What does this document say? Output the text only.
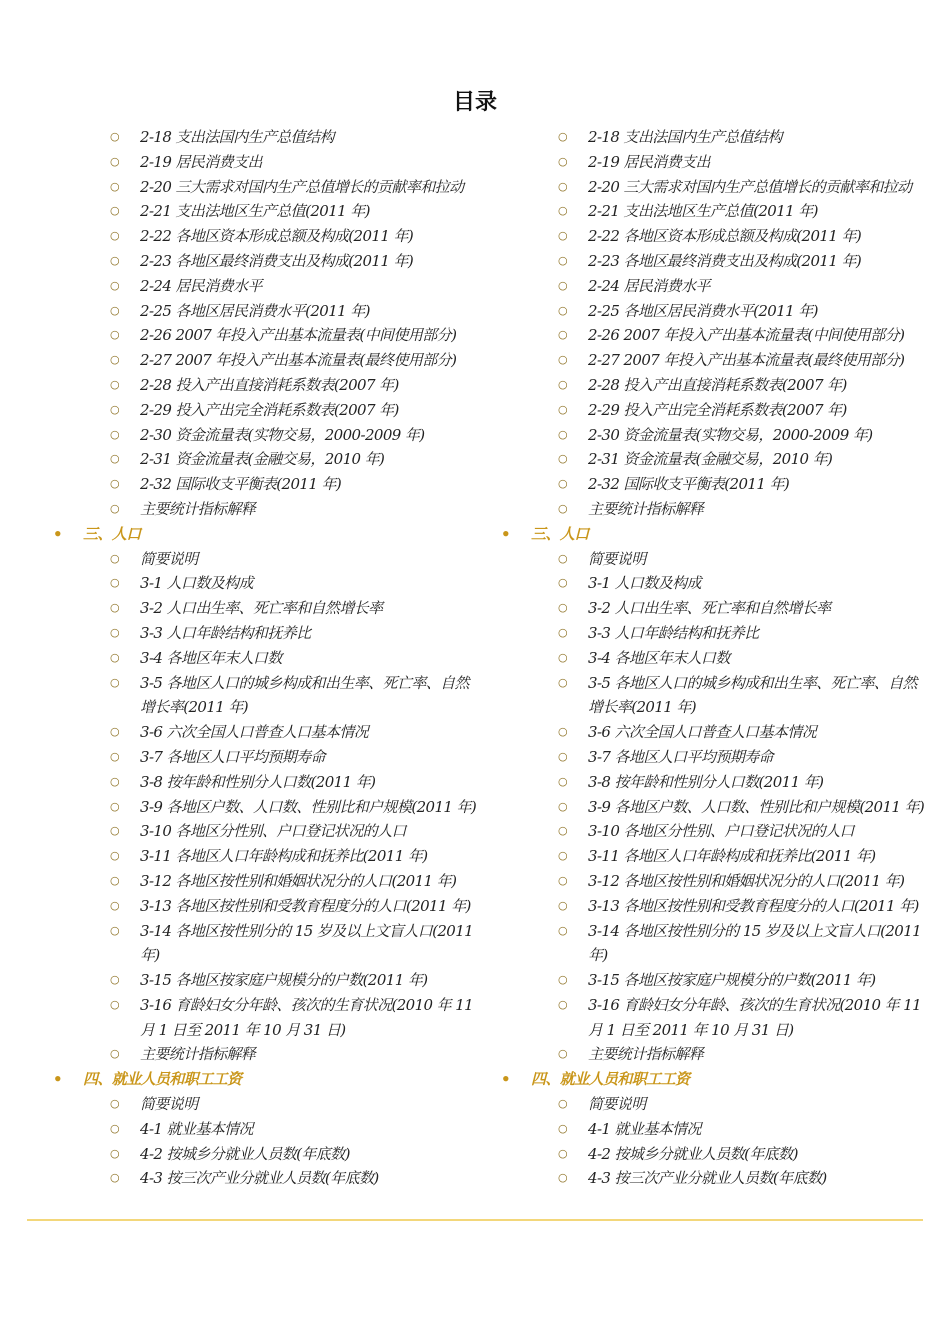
目录
○ 2-18 支出法国内生产总值结构
○ 2-19 居民消费支出
○ 2-20 三大需求对国内生产总值增长的贡献率和拉动
○ 2-21 支出法地区生产总值(2011 年)
○ 2-22 各地区资本形成总额及构成(2011 年)
○ 2-23 各地区最终消费支出及构成(2011 年)
○ 2-24 居民消费水平
○ 2-25 各地区居民消费水平(2011 年)
○ 2-26 2007 年投入产出基本流量表(中间使用部分)
○ 2-27 2007 年投入产出基本流量表(最终使用部分)
○ 2-28 投入产出直接消耗系数表(2007 年)
○ 2-29 投入产出完全消耗系数表(2007 年)
○ 2-30 资金流量表(实物交易，2000-2009 年)
○ 2-31 资金流量表(金融交易，2010 年)
○ 2-32 国际收支平衡表(2011 年)
○ 主要统计指标解释
• 三、人口
○ 简要说明
○ 3-1 人口数及构成
○ 3-2 人口出生率、死亡率和自然增长率
○ 3-3 人口年龄结构和抚养比
○ 3-4 各地区年末人口数
○ 3-5 各地区人口的城乡构成和出生率、死亡率、自然增长率(2011 年)
○ 3-6 六次全国人口普查人口基本情况
○ 3-7 各地区人口平均预期寿命
○ 3-8 按年龄和性别分人口数(2011 年)
○ 3-9 各地区户数、人口数、性别比和户规模(2011 年)
○ 3-10 各地区分性别、户口登记状况的人口
○ 3-11 各地区人口年龄构成和抚养比(2011 年)
○ 3-12 各地区按性别和婚姻状况分的人口(2011 年)
○ 3-13 各地区按性别和受教育程度分的人口(2011 年)
○ 3-14 各地区按性别分的 15 岁及以上文盲人口(2011 年)
○ 3-15 各地区按家庭户规模分的户数(2011 年)
○ 3-16 育龄妇女分年龄、孩次的生育状况(2010 年 11 月 1 日至 2011 年 10 月 31 日)
○ 主要统计指标解释
• 四、就业人员和职工工资
○ 简要说明
○ 4-1 就业基本情况
○ 4-2 按城乡分就业人员数(年底数)
○ 4-3 按三次产业分就业人员数(年底数)
○ 2-18 支出法国内生产总值结构
○ 2-19 居民消费支出
○ 2-20 三大需求对国内生产总值增长的贡献率和拉动
○ 2-21 支出法地区生产总值(2011 年)
○ 2-22 各地区资本形成总额及构成(2011 年)
○ 2-23 各地区最终消费支出及构成(2011 年)
○ 2-24 居民消费水平
○ 2-25 各地区居民消费水平(2011 年)
○ 2-26 2007 年投入产出基本流量表(中间使用部分)
○ 2-27 2007 年投入产出基本流量表(最终使用部分)
○ 2-28 投入产出直接消耗系数表(2007 年)
○ 2-29 投入产出完全消耗系数表(2007 年)
○ 2-30 资金流量表(实物交易，2000-2009 年)
○ 2-31 资金流量表(金融交易，2010 年)
○ 2-32 国际收支平衡表(2011 年)
○ 主要统计指标解释
• 三、人口
○ 简要说明
○ 3-1 人口数及构成
○ 3-2 人口出生率、死亡率和自然增长率
○ 3-3 人口年龄结构和抚养比
○ 3-4 各地区年末人口数
○ 3-5 各地区人口的城乡构成和出生率、死亡率、自然增长率(2011 年)
○ 3-6 六次全国人口普查人口基本情况
○ 3-7 各地区人口平均预期寿命
○ 3-8 按年龄和性别分人口数(2011 年)
○ 3-9 各地区户数、人口数、性别比和户规模(2011 年)
○ 3-10 各地区分性别、户口登记状况的人口
○ 3-11 各地区人口年龄构成和抚养比(2011 年)
○ 3-12 各地区按性别和婚姻状况分的人口(2011 年)
○ 3-13 各地区按性别和受教育程度分的人口(2011 年)
○ 3-14 各地区按性别分的 15 岁及以上文盲人口(2011 年)
○ 3-15 各地区按家庭户规模分的户数(2011 年)
○ 3-16 育龄妇女分年龄、孩次的生育状况(2010 年 11 月 1 日至 2011 年 10 月 31 日)
○ 主要统计指标解释
• 四、就业人员和职工工资
○ 简要说明
○ 4-1 就业基本情况
○ 4-2 按城乡分就业人员数(年底数)
○ 4-3 按三次产业分就业人员数(年底数)
